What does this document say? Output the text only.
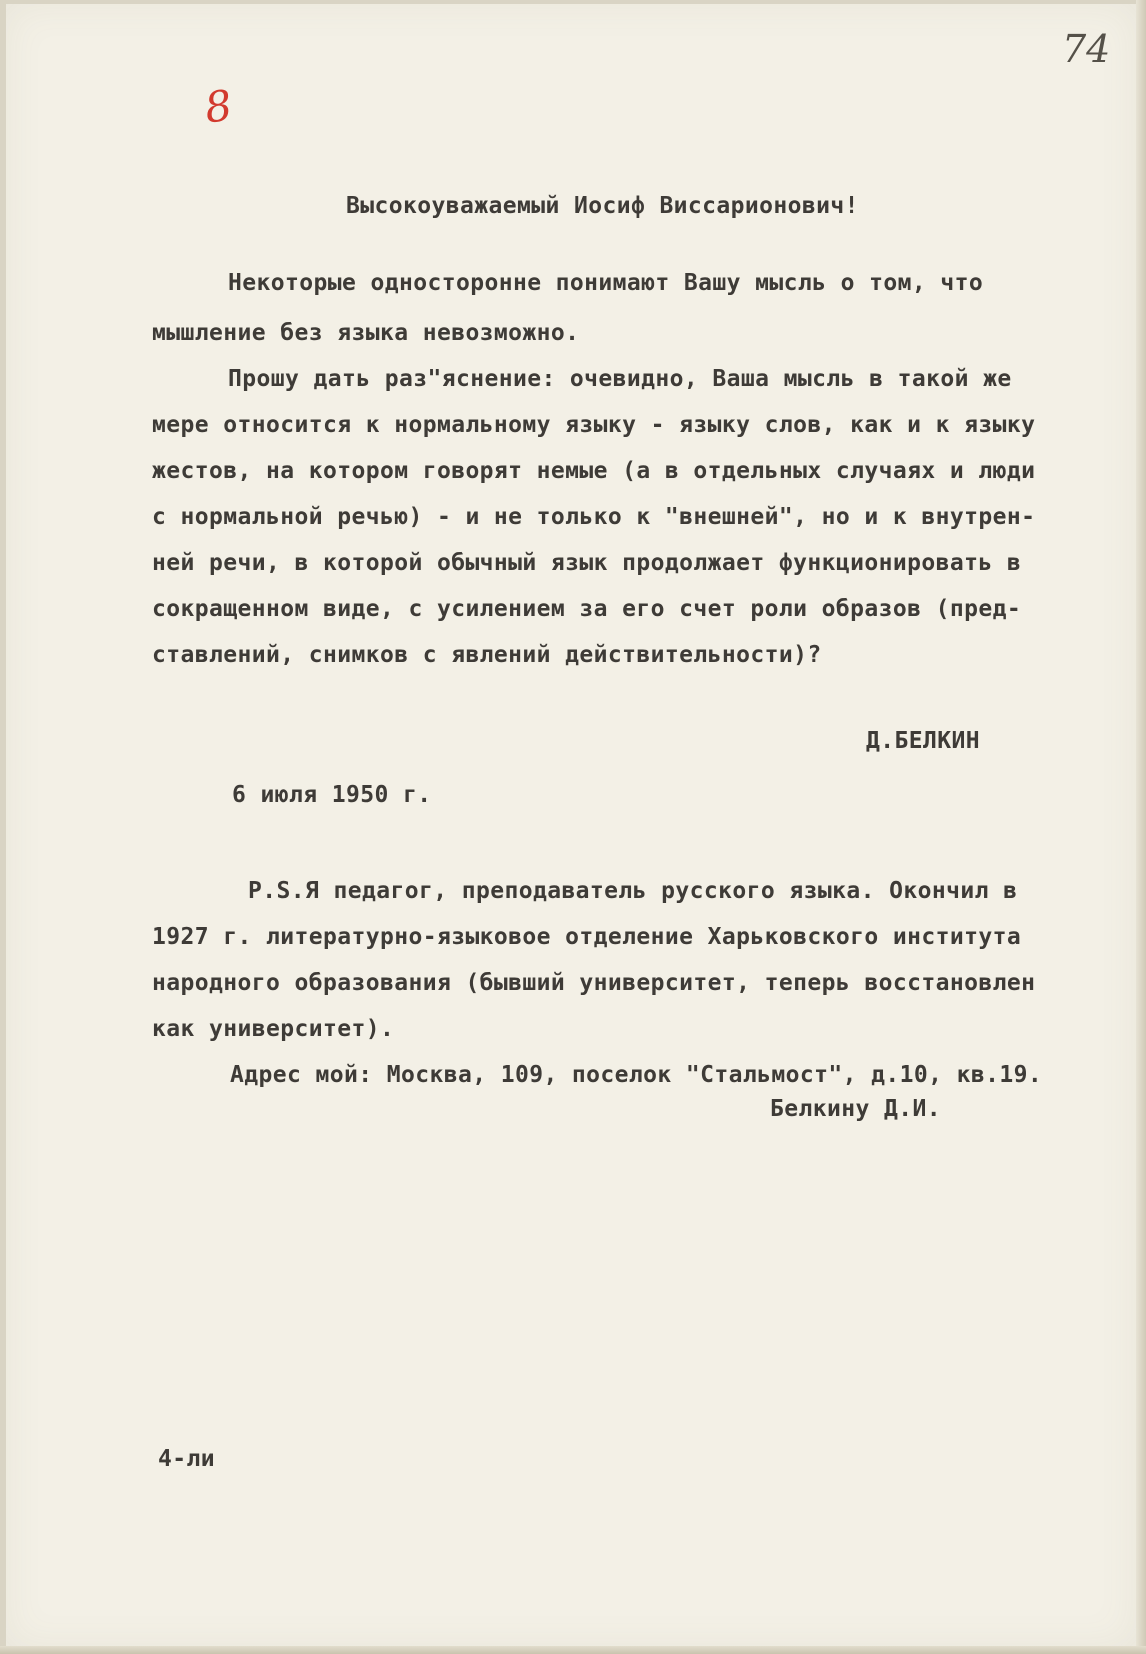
74

8

Высокоуважаемый Иосиф Виссарионович!

Некоторые односторонне понимают Вашу мысль о том, что

мышление без языка невозможно.

Прошу дать раз"яснение: очевидно, Ваша мысль в такой же

мере относится к нормальному языку - языку слов, как и к языку

жестов, на котором говорят немые (а в отдельных случаях и люди

с нормальной речью) - и не только к "внешней", но и к внутрен-

ней речи, в которой обычный язык продолжает функционировать в

сокращенном виде, с усилением за его счет роли образов (пред-

ставлений, снимков с явлений действительности)?

Д.БЕЛКИН

6 июля 1950 г.

P.S.Я педагог, преподаватель русского языка. Окончил в

1927 г. литературно-языковое отделение Харьковского института

народного образования (бывший университет, теперь восстановлен

как университет).

Адрес мой: Москва, 109, поселок "Стальмост", д.10, кв.19.

Белкину Д.И.

4-ли
